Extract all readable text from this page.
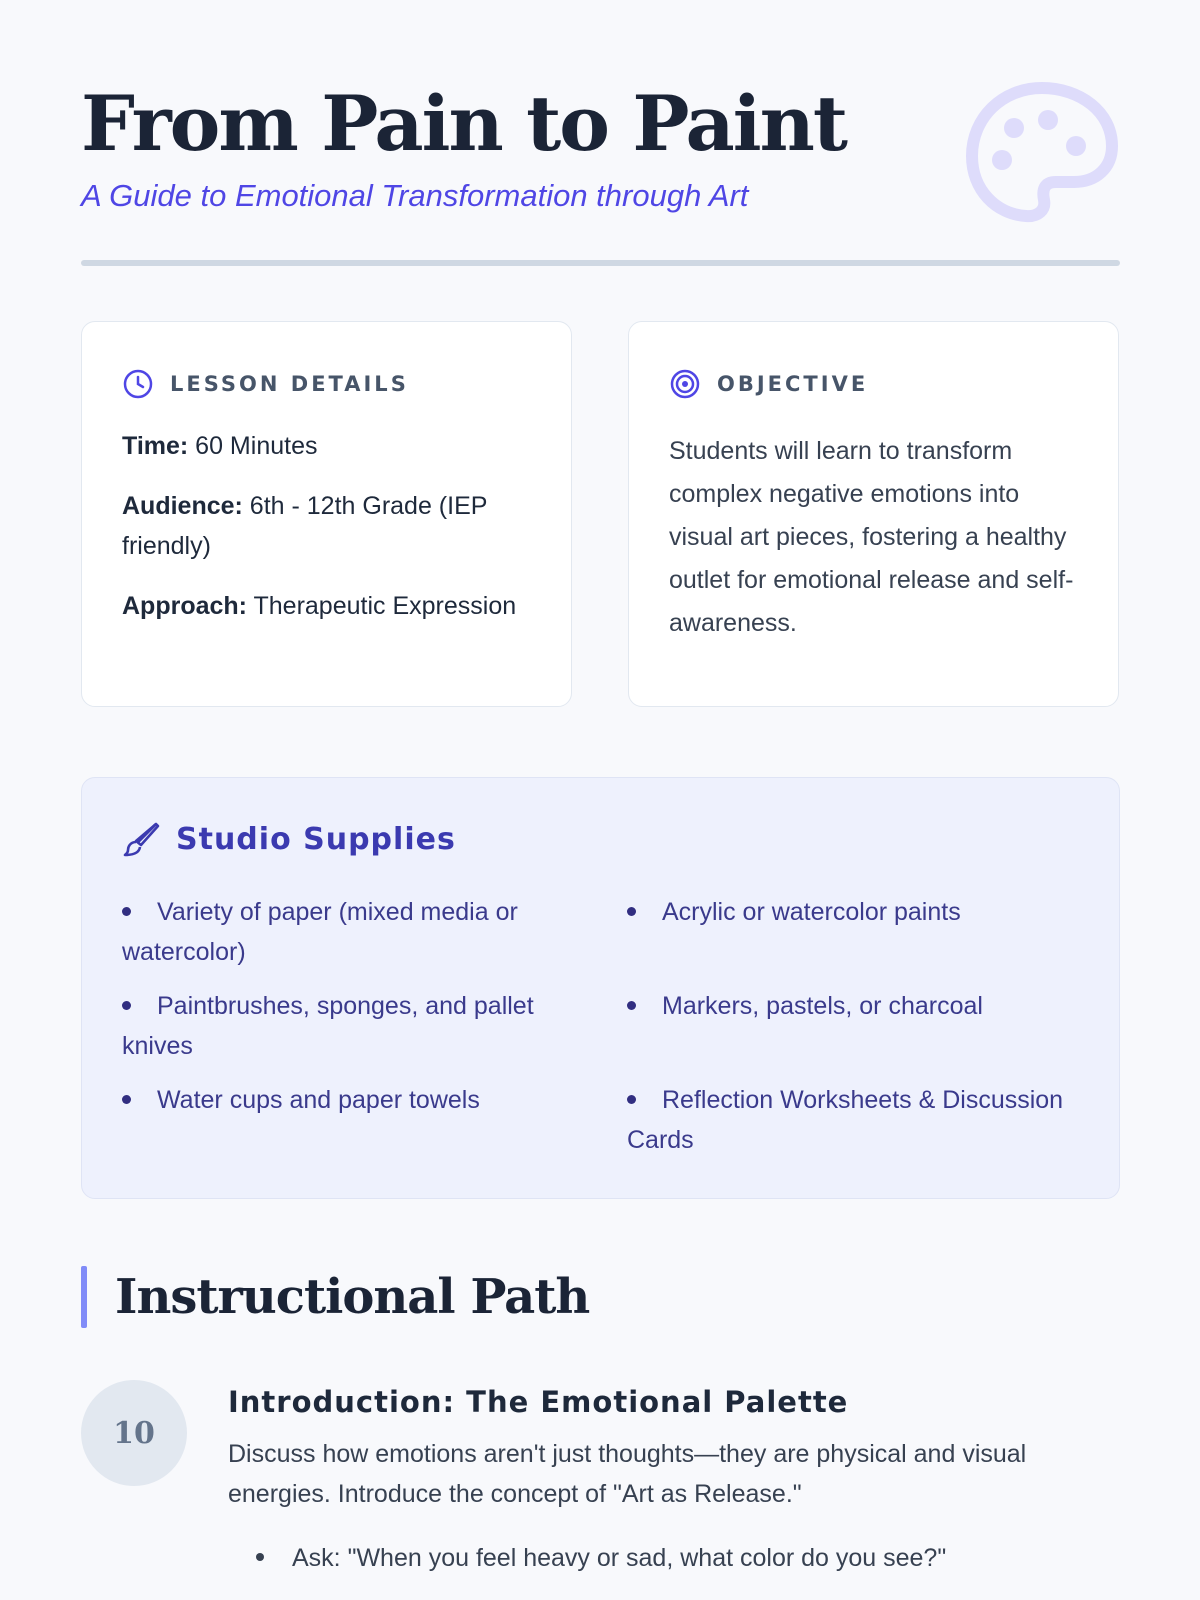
From Pain to Paint

A Guide to Emotional Transformation through Art

LESSON DETAILS
Time: 60 Minutes
Audience: 6th - 12th Grade (IEP friendly)
Approach: Therapeutic Expression
OBJECTIVE

Students will learn to transform complex negative emotions into visual art pieces, fostering a healthy outlet for emotional release and self-awareness.

Studio Supplies
Variety of paper (mixed media or watercolor)
Paintbrushes, sponges, and pallet knives
Water cups and paper towels
Acrylic or watercolor paints
Markers, pastels, or charcoal
Reflection Worksheets & Discussion Cards
Instructional Path
10
Introduction: The Emotional Palette

Discuss how emotions aren't just thoughts—they are physical and visual energies. Introduce the concept of "Art as Release."

Ask: "When you feel heavy or sad, what color do you see?"
